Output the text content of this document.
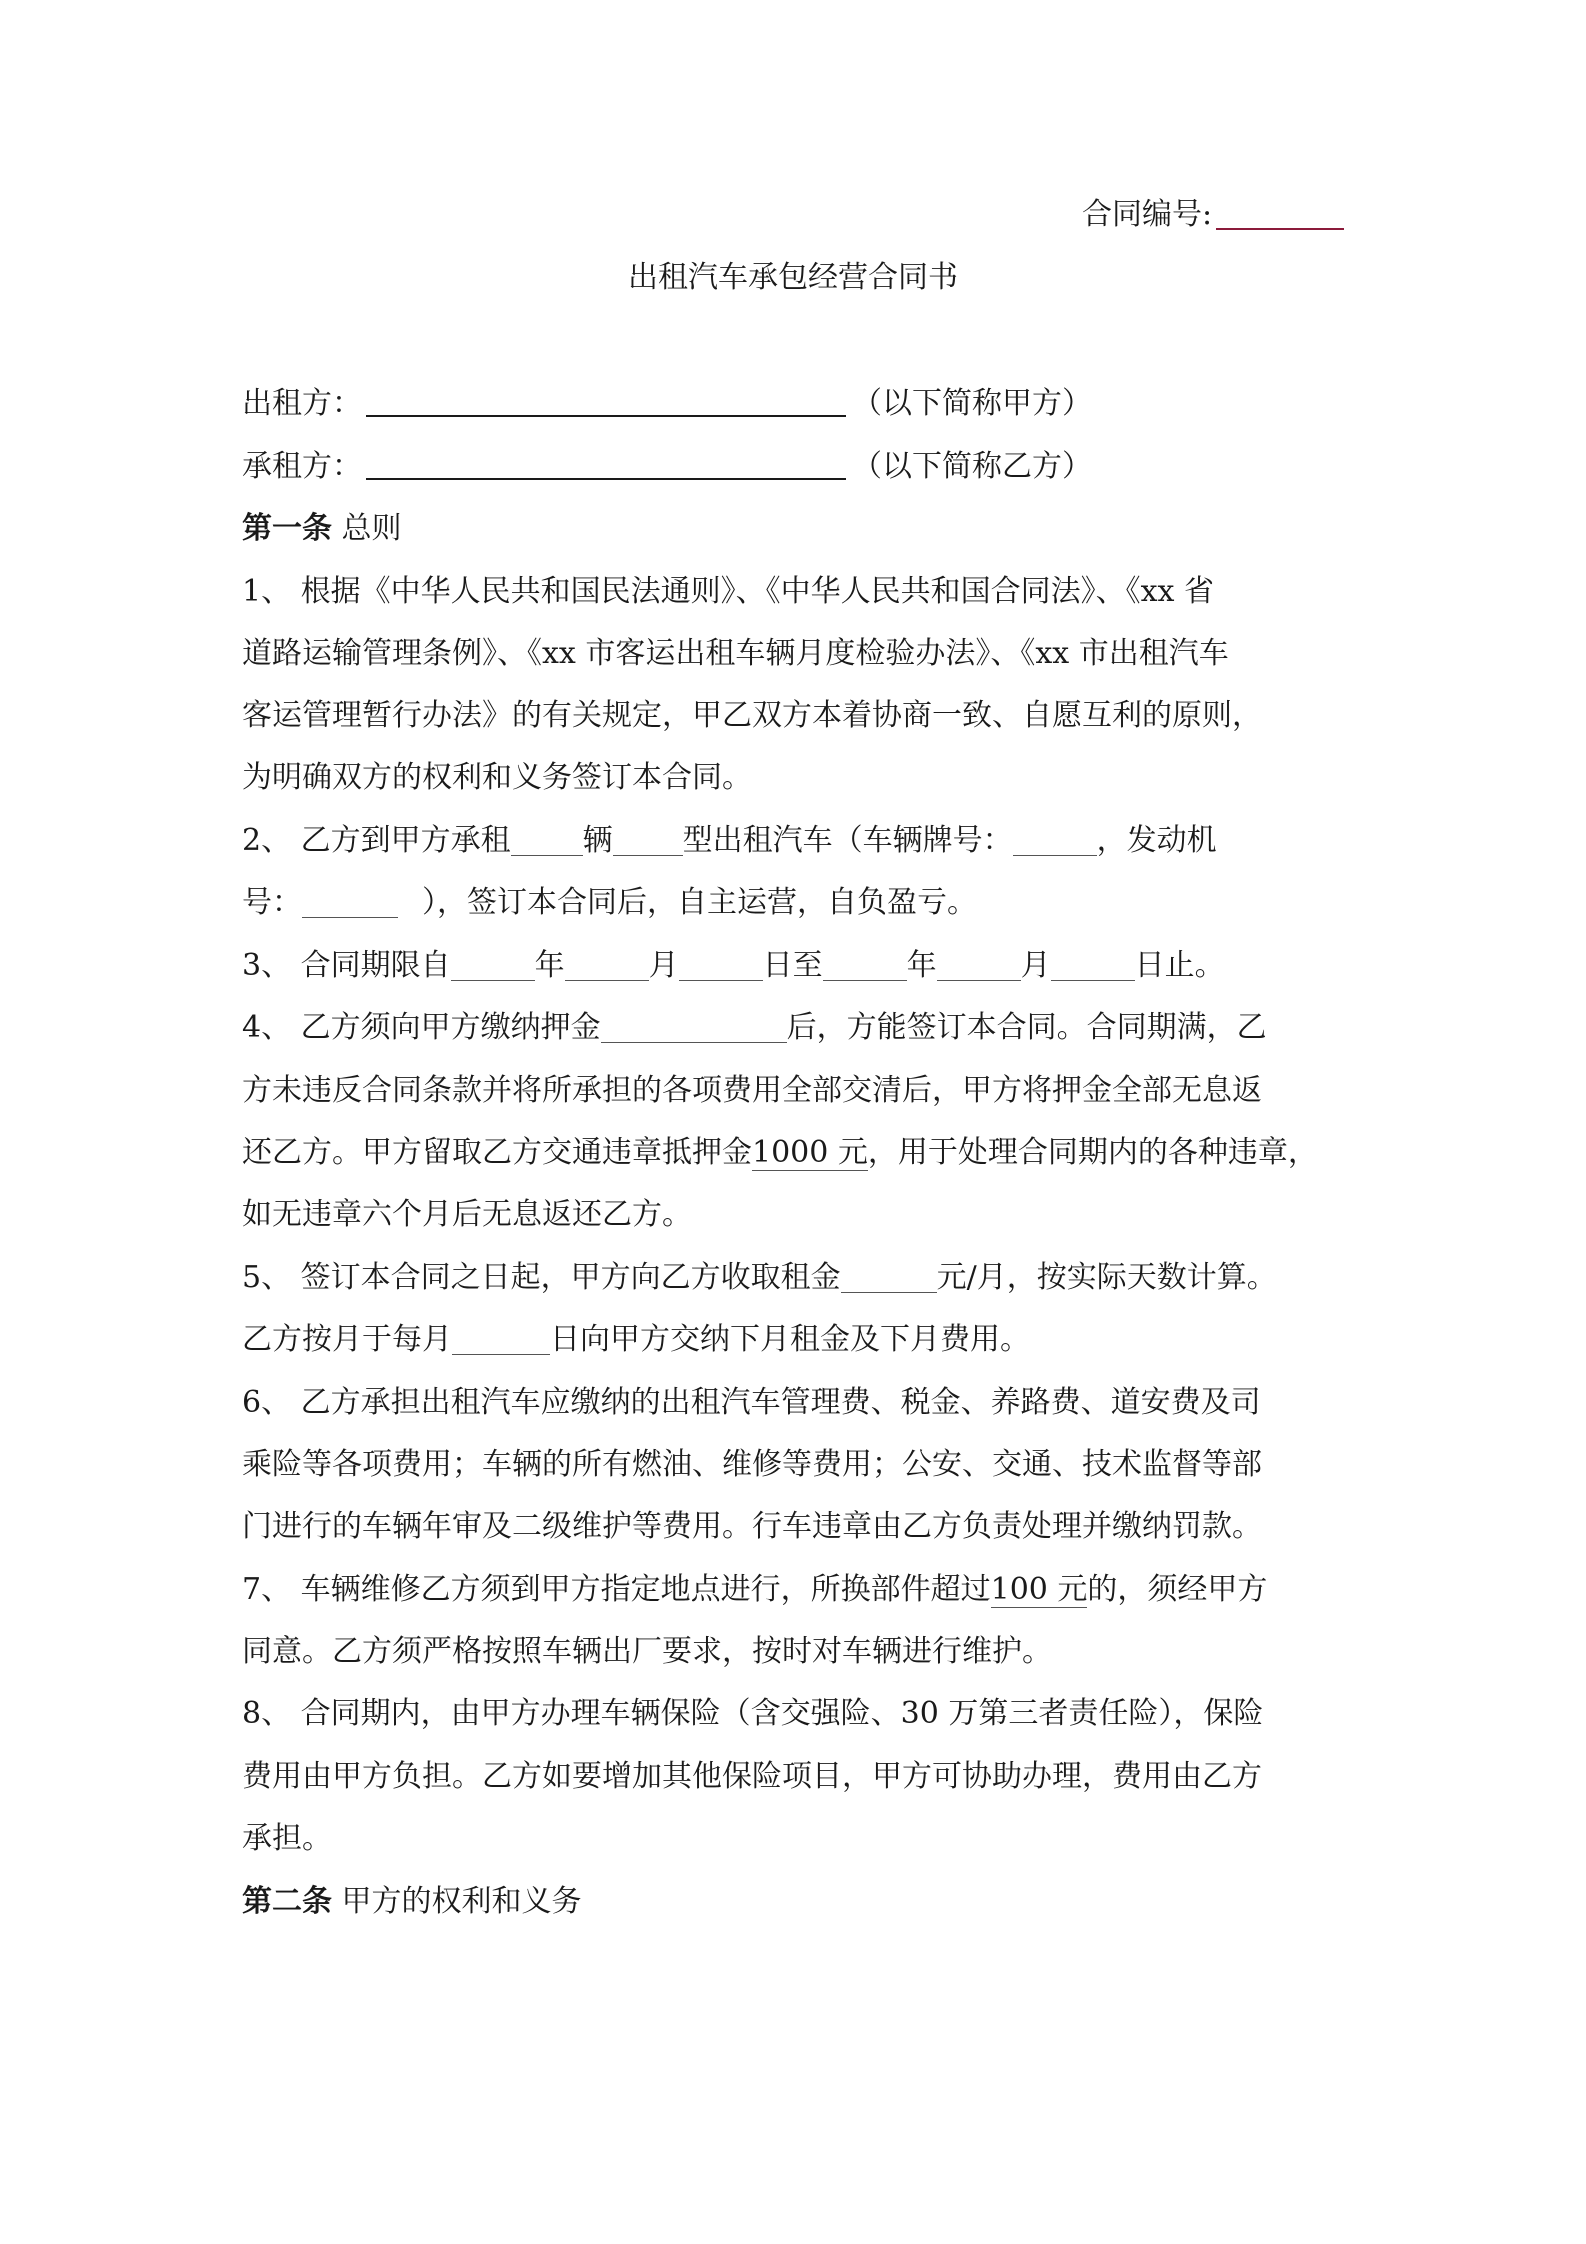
合同编号:
出租汽车承包经营合同书
出租方：	（以下简称甲方）
承租方：	（以下简称乙方）
第一条 总则
1、 根据《中华人民共和国民法通则》、《中华人民共和国合同法》、《xx 省
道路运输管理条例》、《xx 市客运出租车辆月度检验办法》、《xx 市出租汽车
客运管理暂行办法》的有关规定，甲乙双方本着协商一致、自愿互利的原则，
为明确双方的权利和义务签订本合同。
2、 乙方到甲方承租 辆 型出租汽车（车辆牌号：	，发动机
号：	），签订本合同后，自主运营，自负盈亏。
3、 合同期限自	年	月	日至	年	月	日止。
4、 乙方须向甲方缴纳押金	后，方能签订本合同。合同期满，乙
方未违反合同条款并将所承担的各项费用全部交清后，甲方将押金全部无息返
还乙方。甲方留取乙方交通违章抵押金1000 元，用于处理合同期内的各种违章，
如无违章六个月后无息返还乙方。
5、 签订本合同之日起，甲方向乙方收取租金	元/月，按实际天数计算。
乙方按月于每月	日向甲方交纳下月租金及下月费用。
6、 乙方承担出租汽车应缴纳的出租汽车管理费、税金、养路费、道安费及司
乘险等各项费用；车辆的所有燃油、维修等费用；公安、交通、技术监督等部
门进行的车辆年审及二级维护等费用。行车违章由乙方负责处理并缴纳罚款。
7、 车辆维修乙方须到甲方指定地点进行，所换部件超过100 元的，须经甲方
同意。乙方须严格按照车辆出厂要求，按时对车辆进行维护。
8、 合同期内，由甲方办理车辆保险（含交强险、30 万第三者责任险），保险
费用由甲方负担。乙方如要增加其他保险项目，甲方可协助办理，费用由乙方
承担。
第二条 甲方的权利和义务
